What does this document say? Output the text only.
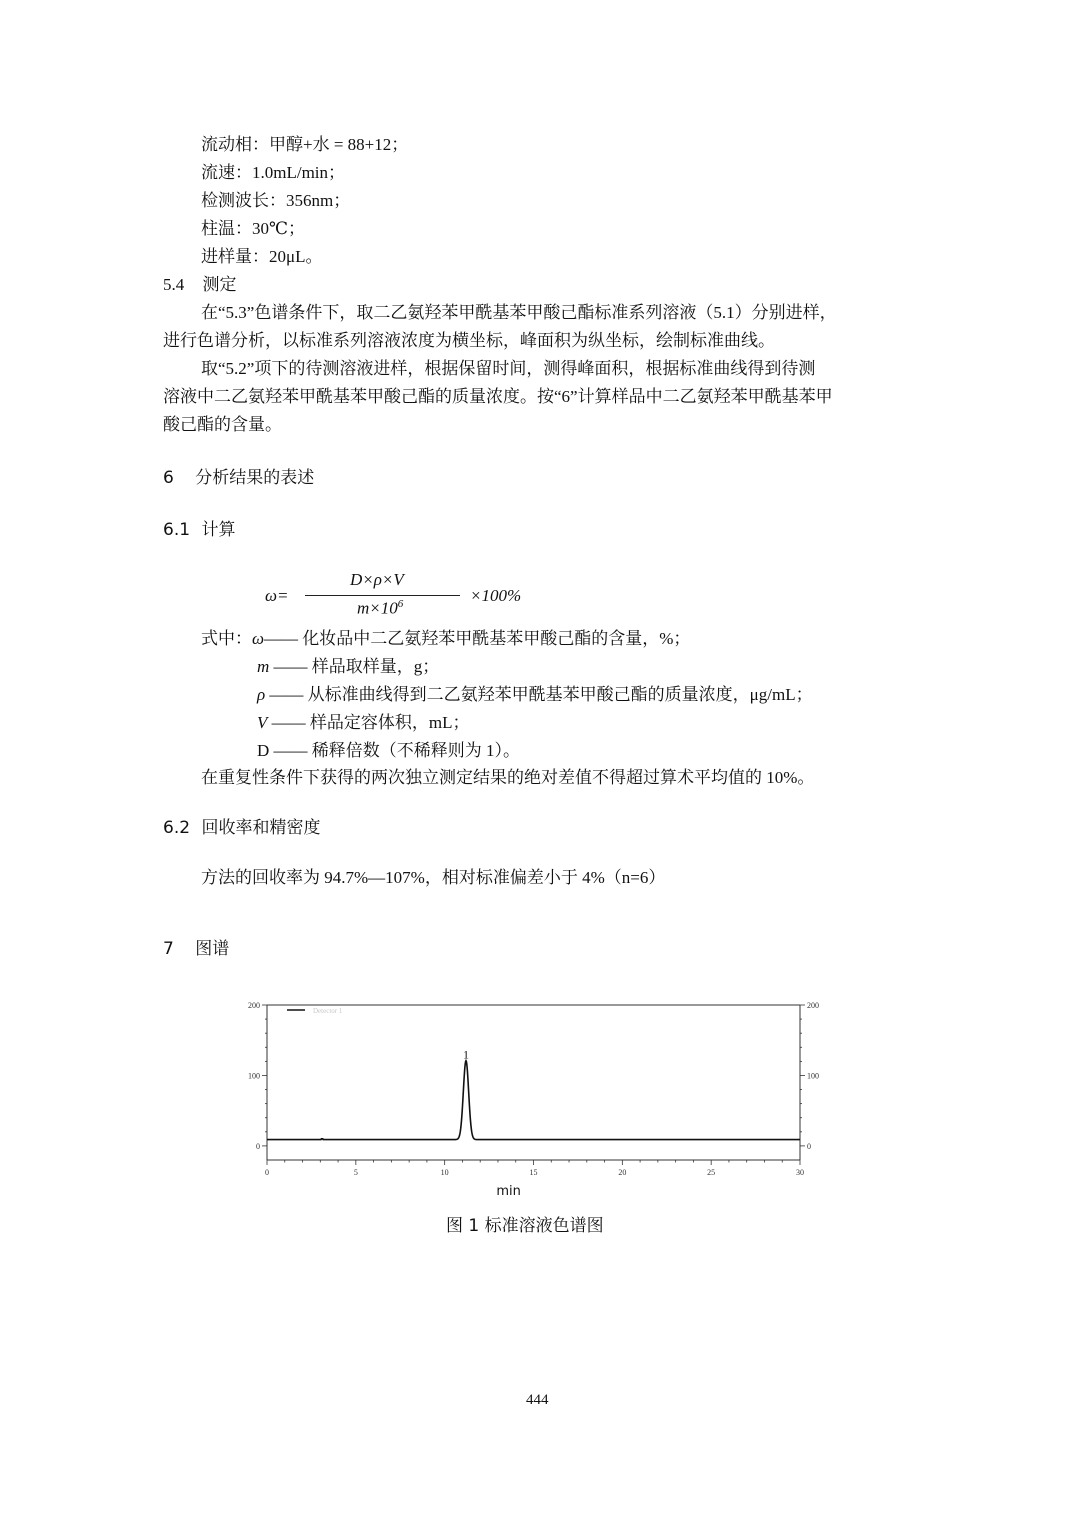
流动相：甲醇+水 = 88+12；
流速：1.0mL/min；
检测波长：356nm；
柱温：30℃；
进样量：20μL。
5.4 测定
在“5.3”色谱条件下，取二乙氨羟苯甲酰基苯甲酸己酯标准系列溶液（5.1）分别进样，
进行色谱分析，以标准系列溶液浓度为横坐标，峰面积为纵坐标，绘制标准曲线。
取“5.2”项下的待测溶液进样，根据保留时间，测得峰面积，根据标准曲线得到待测
溶液中二乙氨羟苯甲酰基苯甲酸己酯的质量浓度。按“6”计算样品中二乙氨羟苯甲酰基苯甲
酸己酯的含量。
6 分析结果的表述
6.1 计算
ω=
D×ρ×V
$m\times 10^6$	×100%
式中：ω—— 化妆品中二乙氨羟苯甲酰基苯甲酸己酯的含量，%；
m —— 样品取样量，g；
ρ —— 从标准曲线得到二乙氨羟苯甲酰基苯甲酸己酯的质量浓度，μg/mL；
V —— 样品定容体积，mL；
D —— 稀释倍数（不稀释则为 1）。
在重复性条件下获得的两次独立测定结果的绝对差值不得超过算术平均值的 10%。
6.2 回收率和精密度
方法的回收率为 94.7%—107%，相对标准偏差小于 4%（n=6）
7 图谱
0	5	10	15	20	25	30
0
100
200
0
100
200
Detector 1
1
min
图 1 标准溶液色谱图
444
